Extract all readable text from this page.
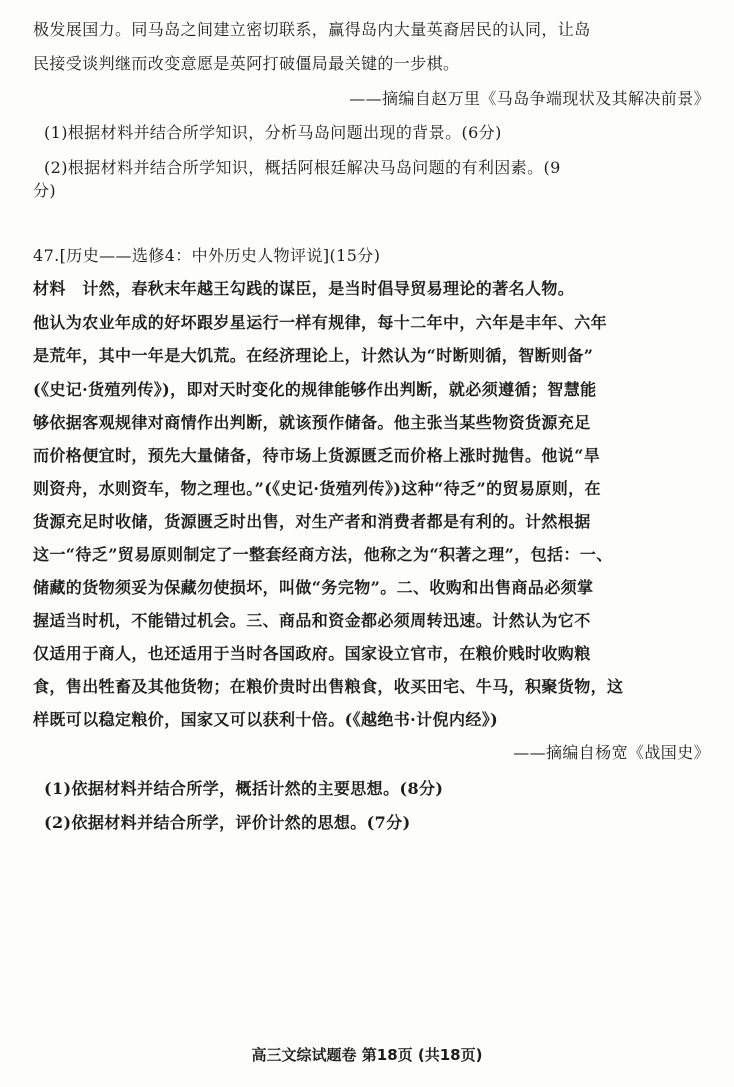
极发展国力。同马岛之间建立密切联系，赢得岛内大量英裔居民的认同，让岛
民接受谈判继而改变意愿是英阿打破僵局最关键的一步棋。
——摘编自赵万里《马岛争端现状及其解决前景》
(1)根据材料并结合所学知识，分析马岛问题出现的背景。(6分)
(2)根据材料并结合所学知识，概括阿根廷解决马岛问题的有利因素。(9
分)
47.[历史——选修4：中外历史人物评说](15分)
材料　计然，春秋末年越王勾践的谋臣，是当时倡导贸易理论的著名人物。
他认为农业年成的好坏跟岁星运行一样有规律，每十二年中，六年是丰年、六年
是荒年，其中一年是大饥荒。在经济理论上，计然认为“时断则循，智断则备”
(《史记·货殖列传》)，即对天时变化的规律能够作出判断，就必须遵循；智慧能
够依据客观规律对商情作出判断，就该预作储备。他主张当某些物资货源充足
而价格便宜时，预先大量储备，待市场上货源匮乏而价格上涨时抛售。他说“旱
则资舟，水则资车，物之理也。”(《史记·货殖列传》)这种“待乏”的贸易原则，在
货源充足时收储，货源匮乏时出售，对生产者和消费者都是有利的。计然根据
这一“待乏”贸易原则制定了一整套经商方法，他称之为“积著之理”，包括：一、
储藏的货物须妥为保藏勿使损坏，叫做“务完物”。二、收购和出售商品必须掌
握适当时机，不能错过机会。三、商品和资金都必须周转迅速。计然认为它不
仅适用于商人，也还适用于当时各国政府。国家设立官市，在粮价贱时收购粮
食，售出牲畜及其他货物；在粮价贵时出售粮食，收买田宅、牛马，积聚货物，这
样既可以稳定粮价，国家又可以获利十倍。(《越绝书·计倪内经》)
——摘编自杨宽《战国史》
(1)依据材料并结合所学，概括计然的主要思想。(8分)
(2)依据材料并结合所学，评价计然的思想。(7分)
高三文综试题卷 第18页 (共18页)
